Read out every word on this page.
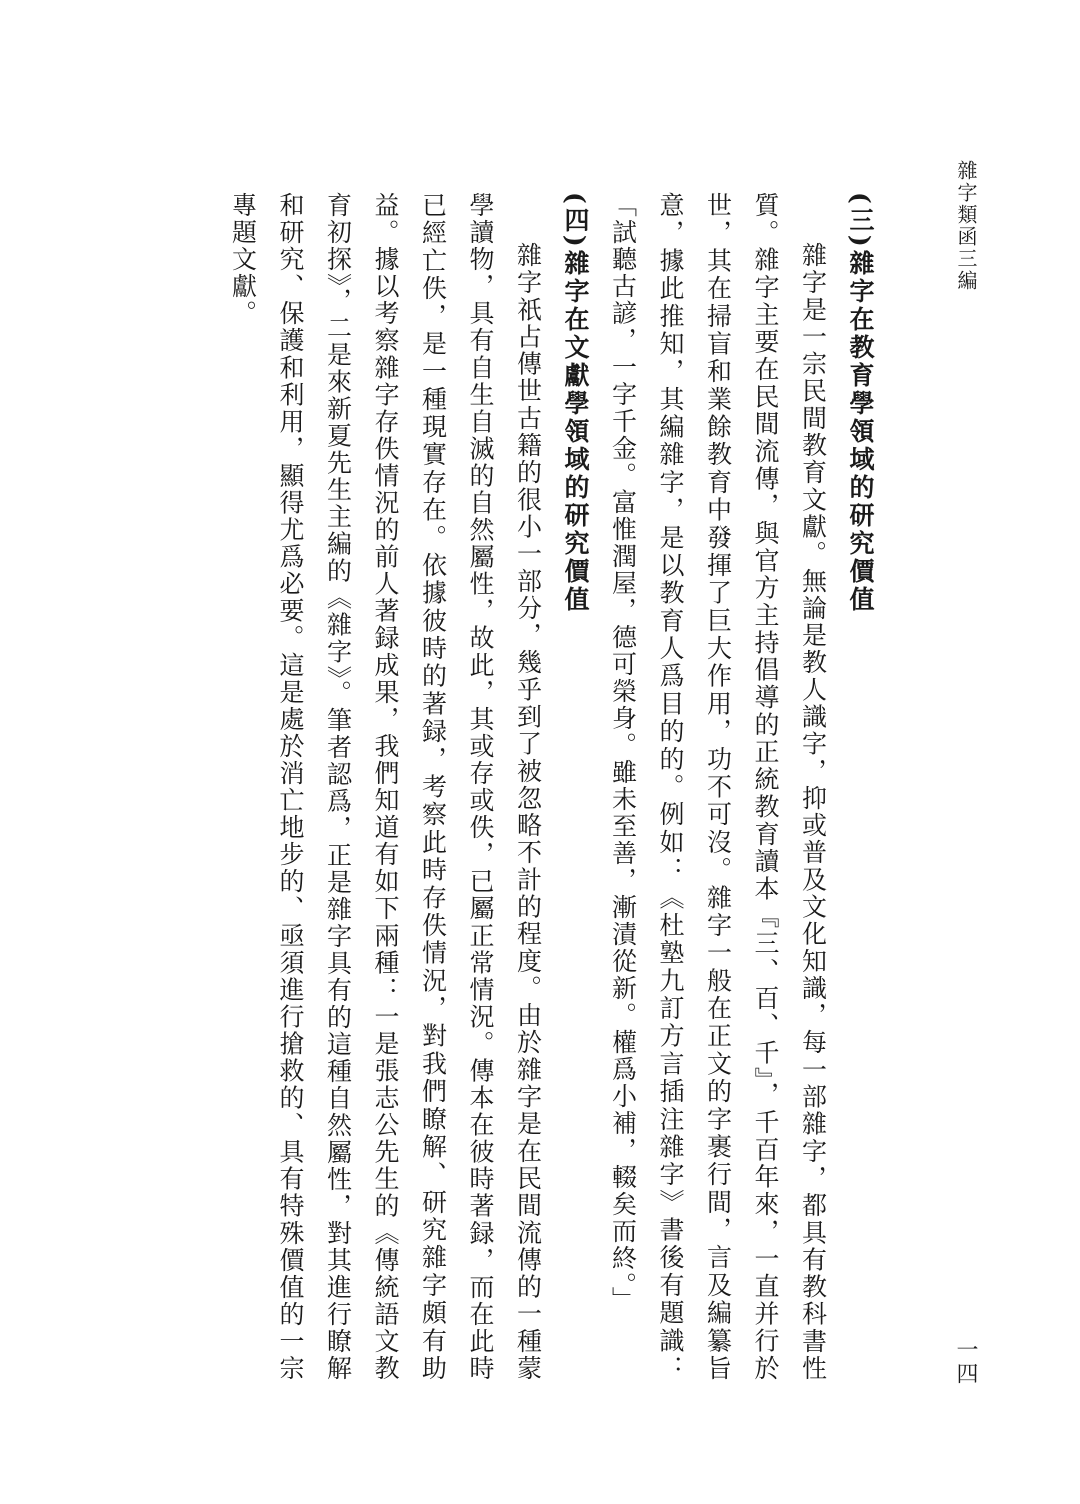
雜字類函三編

(三)雜字在教育學領域的研究價值

雜字是一宗民間教育文獻。無論是教人識字，抑或普及文化知識，每一部雜字，都具有教科書性質。雜字主要在民間流傳，與官方主持倡導的正統教育讀本『三、百、千』，千百年來，一直并行於世，其在掃盲和業餘教育中發揮了巨大作用，功不可沒。雜字一般在正文的字裹行間，言及編纂旨意，據此推知，其編雜字，是以教育人爲目的的。例如：《杜塾九訂方言插注雜字》書後有題識：「試聽古諺，一字千金。富惟潤屋，德可榮身。雖未至善，漸漬從新。權爲小補，輟矣而終。」

(四)雜字在文獻學領域的研究價值

雜字祇占傳世古籍的很小一部分，幾乎到了被忽略不計的程度。由於雜字是在民間流傳的一種蒙學讀物，具有自生自滅的自然屬性，故此，其或存或佚，已屬正常情況。傳本在彼時著録，而在此時已經亡佚，是一種現實存在。依據彼時的著録，考察此時存佚情況，對我們瞭解、研究雜字頗有助益。據以考察雜字存佚情況的前人著録成果，我們知道有如下兩種：一是張志公先生的《傳統語文教育初探》，二是來新夏先生主編的《雜字》。筆者認爲，正是雜字具有的這種自然屬性，對其進行瞭解和研究、保護和利用，顯得尤爲必要。這是處於消亡地步的、亟須進行搶救的、具有特殊價值的一宗專題文獻。

一四
